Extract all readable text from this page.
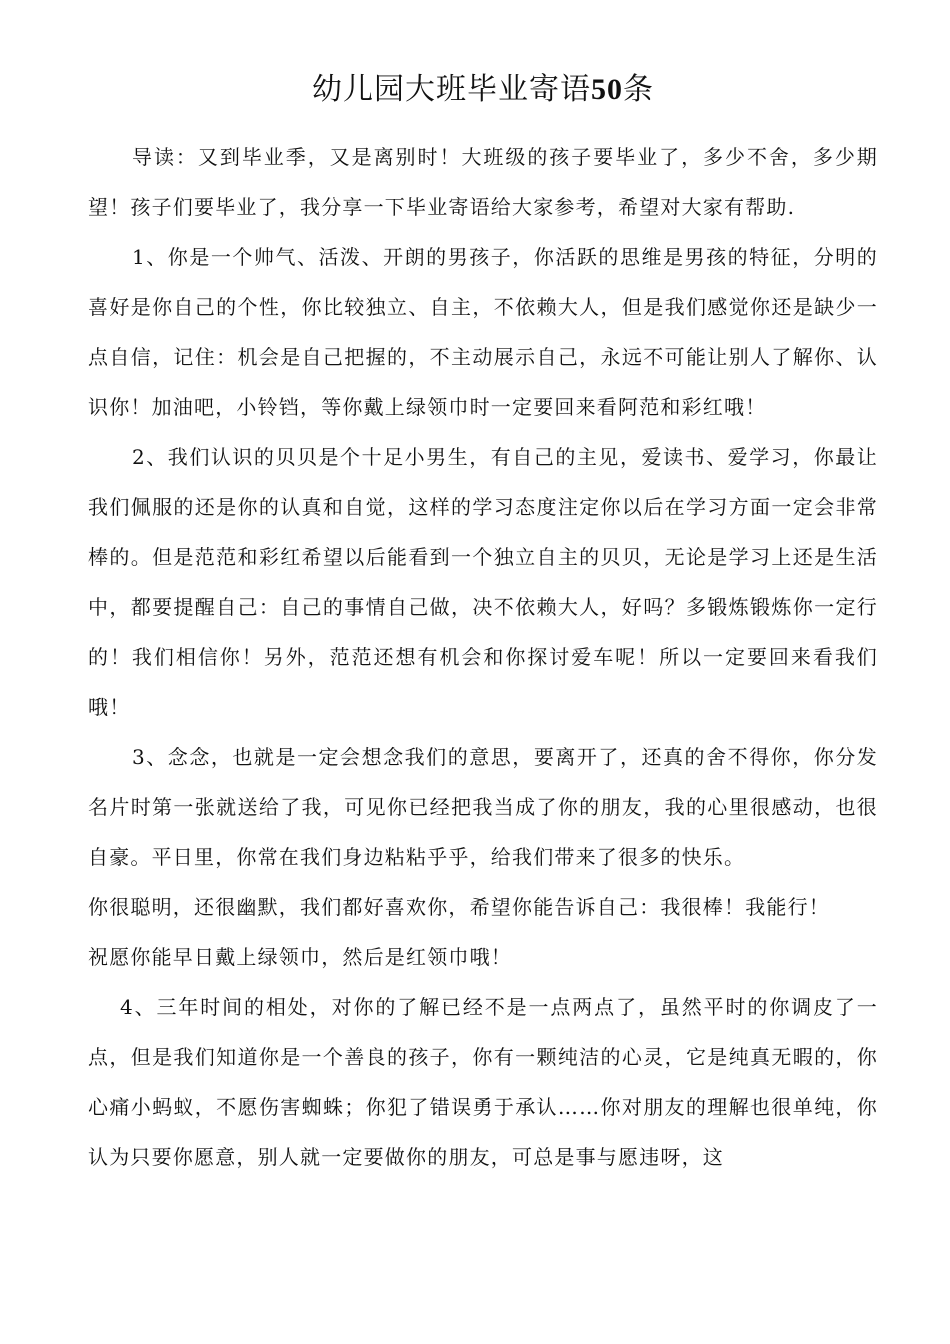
幼儿园大班毕业寄语50条

导读：又到毕业季，又是离别时！大班级的孩子要毕业了，多少不舍，多少期望！孩子们要毕业了，我分享一下毕业寄语给大家参考，希望对大家有帮助.

1、你是一个帅气、活泼、开朗的男孩子，你活跃的思维是男孩的特征，分明的喜好是你自己的个性，你比较独立、自主，不依赖大人，但是我们感觉你还是缺少一点自信，记住：机会是自己把握的，不主动展示自己，永远不可能让别人了解你、认识你！加油吧，小铃铛，等你戴上绿领巾时一定要回来看阿范和彩红哦！

2、我们认识的贝贝是个十足小男生，有自己的主见，爱读书、爱学习，你最让我们佩服的还是你的认真和自觉，这样的学习态度注定你以后在学习方面一定会非常棒的。但是范范和彩红希望以后能看到一个独立自主的贝贝，无论是学习上还是生活中，都要提醒自己：自己的事情自己做，决不依赖大人，好吗？多锻炼锻炼你一定行的！我们相信你！另外，范范还想有机会和你探讨爱车呢！所以一定要回来看我们哦！

3、念念，也就是一定会想念我们的意思，要离开了，还真的舍不得你，你分发名片时第一张就送给了我，可见你已经把我当成了你的朋友，我的心里很感动，也很自豪。平日里，你常在我们身边粘粘乎乎，给我们带来了很多的快乐。

你很聪明，还很幽默，我们都好喜欢你，希望你能告诉自己：我很棒！我能行！

祝愿你能早日戴上绿领巾，然后是红领巾哦！

4、三年时间的相处，对你的了解已经不是一点两点了，虽然平时的你调皮了一点，但是我们知道你是一个善良的孩子，你有一颗纯洁的心灵，它是纯真无暇的，你心痛小蚂蚁，不愿伤害蜘蛛；你犯了错误勇于承认……你对朋友的理解也很单纯，你认为只要你愿意，别人就一定要做你的朋友，可总是事与愿违呀，这
